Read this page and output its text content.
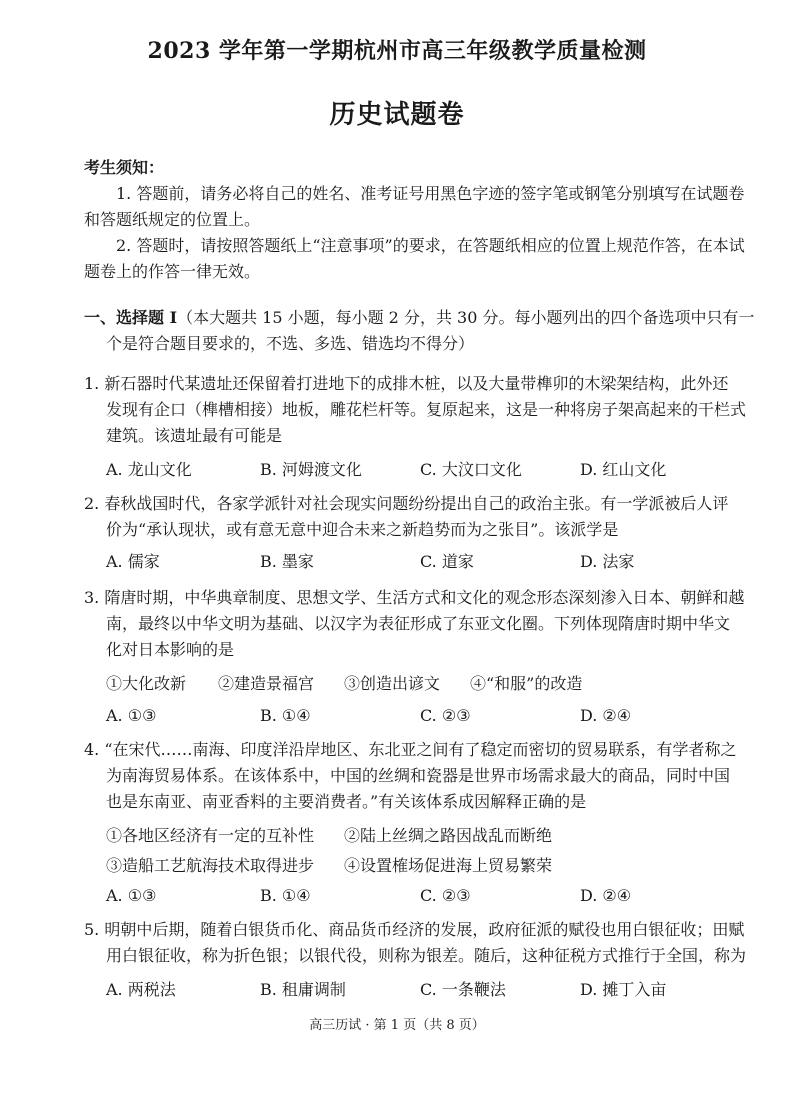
2023 学年第一学期杭州市高三年级教学质量检测
历史试题卷
考生须知：
1. 答题前，请务必将自己的姓名、准考证号用黑色字迹的签字笔或钢笔分别填写在试题卷
和答题纸规定的位置上。
2. 答题时，请按照答题纸上“注意事项”的要求，在答题纸相应的位置上规范作答，在本试
题卷上的作答一律无效。
一、选择题 Ⅰ（本大题共 15 小题，每小题 2 分，共 30 分。每小题列出的四个备选项中只有一
个是符合题目要求的，不选、多选、错选均不得分）
1. 新石器时代某遗址还保留着打进地下的成排木桩，以及大量带榫卯的木梁架结构，此外还
发现有企口（榫槽相接）地板，雕花栏杆等。复原起来，这是一种将房子架高起来的干栏式
建筑。该遗址最有可能是
A. 龙山文化	B. 河姆渡文化	C. 大汶口文化	D. 红山文化
2. 春秋战国时代，各家学派针对社会现实问题纷纷提出自己的政治主张。有一学派被后人评
价为“承认现状，或有意无意中迎合未来之新趋势而为之张目”。该派学是
A. 儒家	B. 墨家	C. 道家	D. 法家
3. 隋唐时期，中华典章制度、思想文学、生活方式和文化的观念形态深刻渗入日本、朝鲜和越
南，最终以中华文明为基础、以汉字为表征形成了东亚文化圈。下列体现隋唐时期中华文
化对日本影响的是
①大化改新 ②建造景福宫 ③创造出谚文 ④“和服”的改造
A. ①③	B. ①④	C. ②③	D. ②④
4. “在宋代……南海、印度洋沿岸地区、东北亚之间有了稳定而密切的贸易联系，有学者称之
为南海贸易体系。在该体系中，中国的丝绸和瓷器是世界市场需求最大的商品，同时中国
也是东南亚、南亚香料的主要消费者。”有关该体系成因解释正确的是
①各地区经济有一定的互补性 ②陆上丝绸之路因战乱而断绝
③造船工艺航海技术取得进步 ④设置榷场促进海上贸易繁荣
A. ①③	B. ①④	C. ②③	D. ②④
5. 明朝中后期，随着白银货币化、商品货币经济的发展，政府征派的赋役也用白银征收；田赋
用白银征收，称为折色银；以银代役，则称为银差。随后，这种征税方式推行于全国，称为
A. 两税法	B. 租庸调制	C. 一条鞭法	D. 摊丁入亩
高三历试 · 第 1 页（共 8 页）
